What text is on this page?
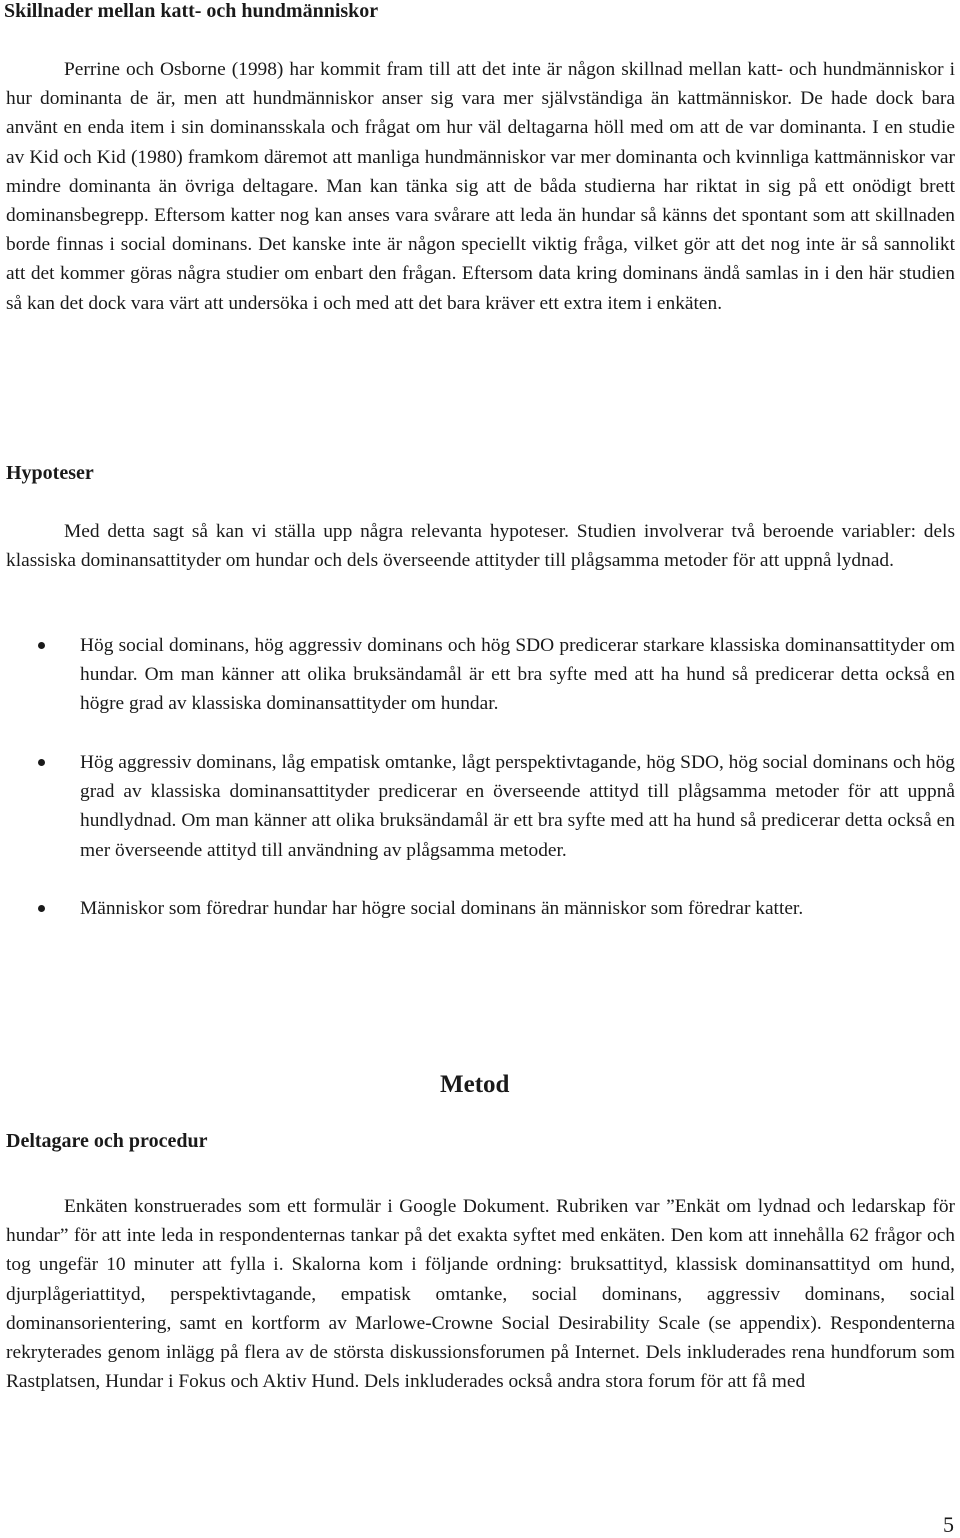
Skillnader mellan katt- och hundmänniskor

Perrine och Osborne (1998) har kommit fram till att det inte är någon skillnad mellan katt- och hundmänniskor i hur dominanta de är, men att hundmänniskor anser sig vara mer självständiga än kattmänniskor. De hade dock bara använt en enda item i sin dominansskala och frågat om hur väl deltagarna höll med om att de var dominanta. I en studie av Kid och Kid (1980) framkom däremot att manliga hundmänniskor var mer dominanta och kvinnliga kattmänniskor var mindre dominanta än övriga deltagare. Man kan tänka sig att de båda studierna har riktat in sig på ett onödigt brett dominansbegrepp. Eftersom katter nog kan anses vara svårare att leda än hundar så känns det spontant som att skillnaden borde finnas i social dominans. Det kanske inte är någon speciellt viktig fråga, vilket gör att det nog inte är så sannolikt att det kommer göras några studier om enbart den frågan. Eftersom data kring dominans ändå samlas in i den här studien så kan det dock vara värt att undersöka i och med att det bara kräver ett extra item i enkäten.

Hypoteser

Med detta sagt så kan vi ställa upp några relevanta hypoteser. Studien involverar två beroende variabler: dels klassiska dominansattityder om hundar och dels överseende attityder till plågsamma metoder för att uppnå lydnad.

Hög social dominans, hög aggressiv dominans och hög SDO predicerar starkare klassiska dominansattityder om hundar. Om man känner att olika bruksändamål är ett bra syfte med att ha hund så predicerar detta också en högre grad av klassiska dominansattityder om hundar.
Hög aggressiv dominans, låg empatisk omtanke, lågt perspektivtagande, hög SDO, hög social dominans och hög grad av klassiska dominansattityder predicerar en överseende attityd till plågsamma metoder för att uppnå hundlydnad. Om man känner att olika bruksändamål är ett bra syfte med att ha hund så predicerar detta också en mer överseende attityd till användning av plågsamma metoder.
Människor som föredrar hundar har högre social dominans än människor som föredrar katter.
Metod
Deltagare och procedur

Enkäten konstruerades som ett formulär i Google Dokument. Rubriken var ”Enkät om lydnad och ledarskap för hundar” för att inte leda in respondenternas tankar på det exakta syftet med enkäten. Den kom att innehålla 62 frågor och tog ungefär 10 minuter att fylla i. Skalorna kom i följande ordning: bruksattityd, klassisk dominansattityd om hund, djurplågeriattityd, perspektivtagande, empatisk omtanke, social dominans, aggressiv dominans, social dominansorientering, samt en kortform av Marlowe-Crowne Social Desirability Scale (se appendix). Respondenterna rekryterades genom inlägg på flera av de största diskussionsforumen på Internet. Dels inkluderades rena hundforum som Rastplatsen, Hundar i Fokus och Aktiv Hund. Dels inkluderades också andra stora forum för att få med

5
